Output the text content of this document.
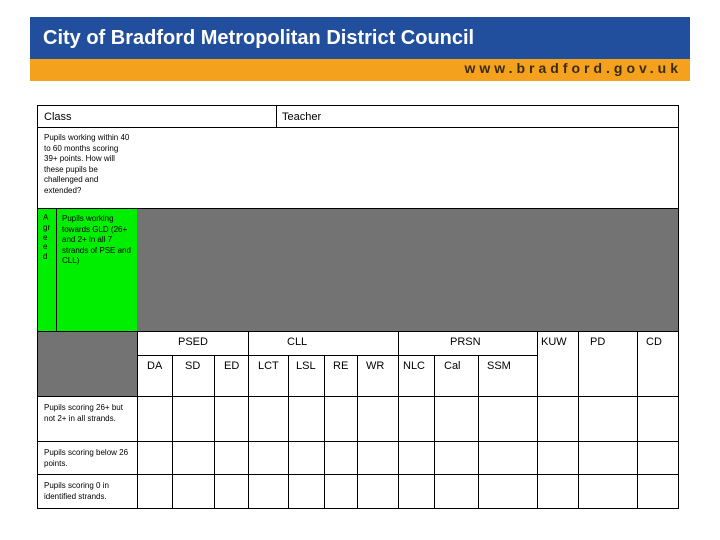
City of Bradford Metropolitan District Council
www.bradford.gov.uk
Class	Teacher
Pupils working within 40 to 60 months scoring 39+ points. How will these pupils be challenged and extended?
Agreed
Pupils working towards GLD (26+ and 2+ in all 7 strands of PSE and CLL)
PSED	CLL	PRSN	KUW PD	CD
DA SD ED LCT LSL RE WR NLC Cal SSM
Pupils scoring 26+ but not 2+ in all strands.
Pupils scoring below 26 points.
Pupils scoring 0 in identified strands.
